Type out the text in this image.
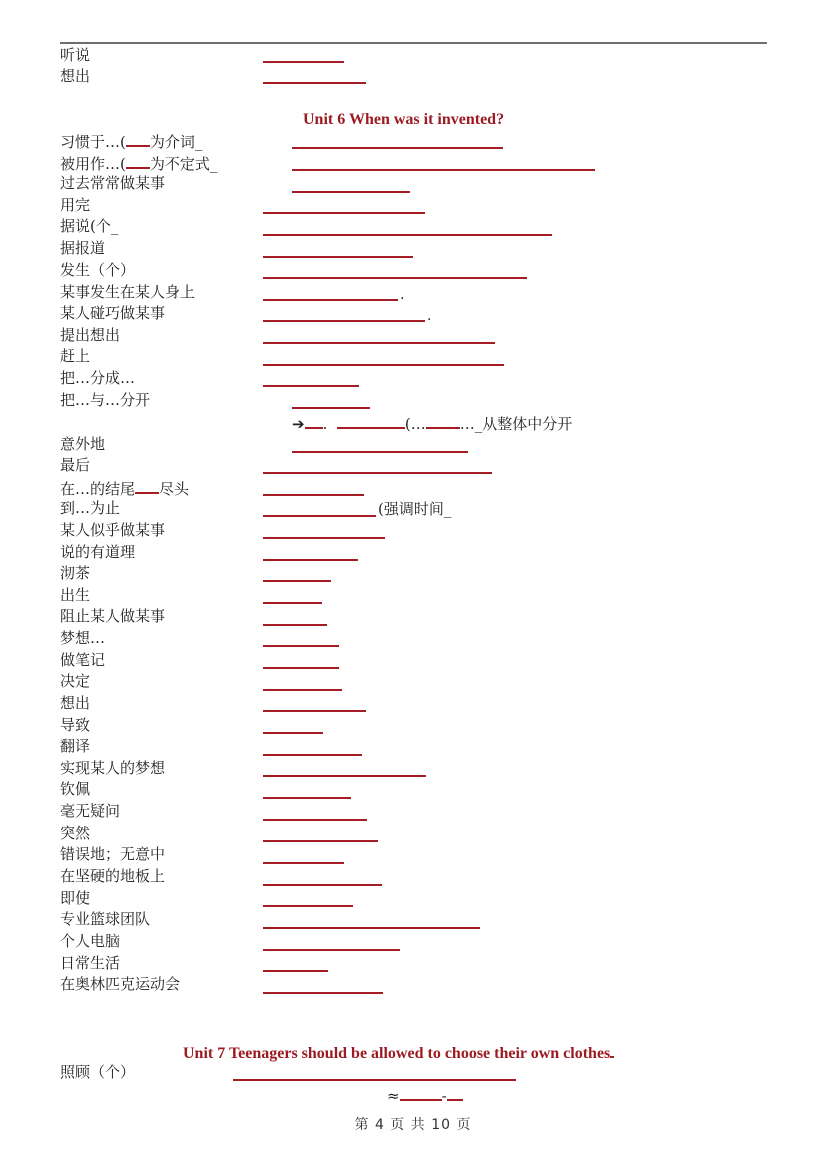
听说
想出
Unit 6 When was it invented?
习惯于…( 为介词_
被用作…( 为不定式_
过去常常做某事
用完
据说(个_
据报道
发生（个）
某事发生在某人身上	.
某人碰巧做某事	.
提出想出
赶上
把…分成…
把…与…分开
➔ .	(… …_从整体中分开
意外地
最后
在…的结尾 尽头
到…为止	(强调时间_
某人似乎做某事
说的有道理
沏茶
出生
阻止某人做某事
梦想…
做笔记
决定
想出
导致
翻译
实现某人的梦想
钦佩
毫无疑问
突然
错误地；无意中
在坚硬的地板上
即使
专业篮球团队
个人电脑
日常生活
在奥林匹克运动会
Unit 7 Teenagers should be allowed to choose their own clothes
照顾（个）
≈	-
第 4 页 共 10 页
